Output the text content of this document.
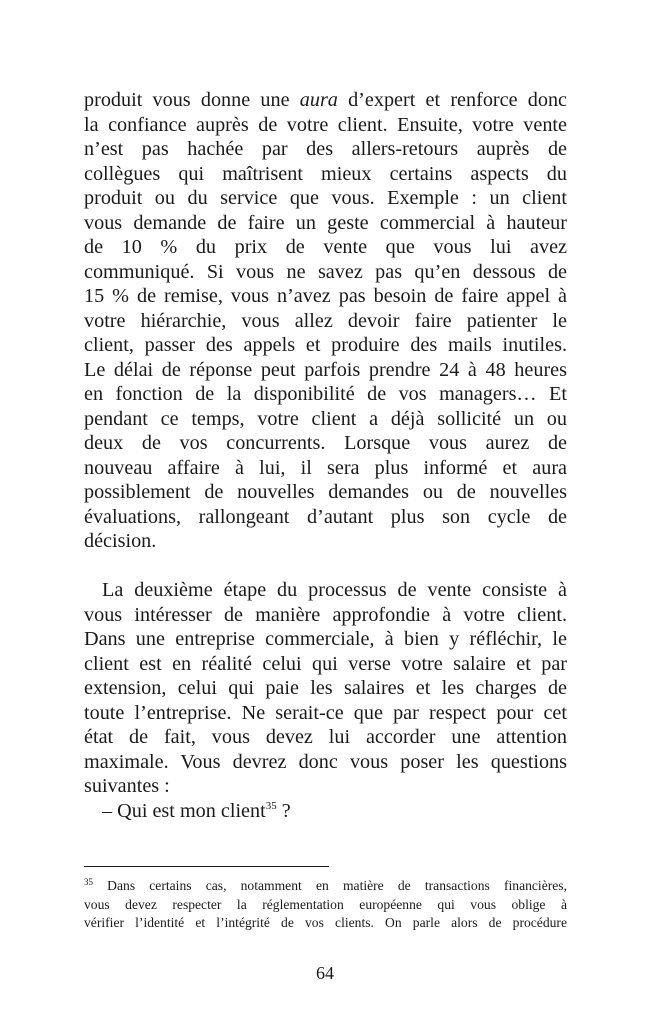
produit vous donne une aura d’expert et renforce donc
la confiance auprès de votre client. Ensuite, votre vente
n’est pas hachée par des allers-retours auprès de
collègues qui maîtrisent mieux certains aspects du
produit ou du service que vous. Exemple : un client
vous demande de faire un geste commercial à hauteur
de 10 % du prix de vente que vous lui avez
communiqué. Si vous ne savez pas qu’en dessous de
15 % de remise, vous n’avez pas besoin de faire appel à
votre hiérarchie, vous allez devoir faire patienter le
client, passer des appels et produire des mails inutiles.
Le délai de réponse peut parfois prendre 24 à 48 heures
en fonction de la disponibilité de vos managers… Et
pendant ce temps, votre client a déjà sollicité un ou
deux de vos concurrents. Lorsque vous aurez de
nouveau affaire à lui, il sera plus informé et aura
possiblement de nouvelles demandes ou de nouvelles
évaluations, rallongeant d’autant plus son cycle de
décision.
La deuxième étape du processus de vente consiste à
vous intéresser de manière approfondie à votre client.
Dans une entreprise commerciale, à bien y réfléchir, le
client est en réalité celui qui verse votre salaire et par
extension, celui qui paie les salaires et les charges de
toute l’entreprise. Ne serait-ce que par respect pour cet
état de fait, vous devez lui accorder une attention
maximale. Vous devrez donc vous poser les questions
suivantes :
– Qui est mon client$^{35}$ ?
$^{35}$ Dans certains cas, notamment en matière de transactions financières,
vous devez respecter la réglementation européenne qui vous oblige à
vérifier l’identité et l’intégrité de vos clients. On parle alors de procédure
64
